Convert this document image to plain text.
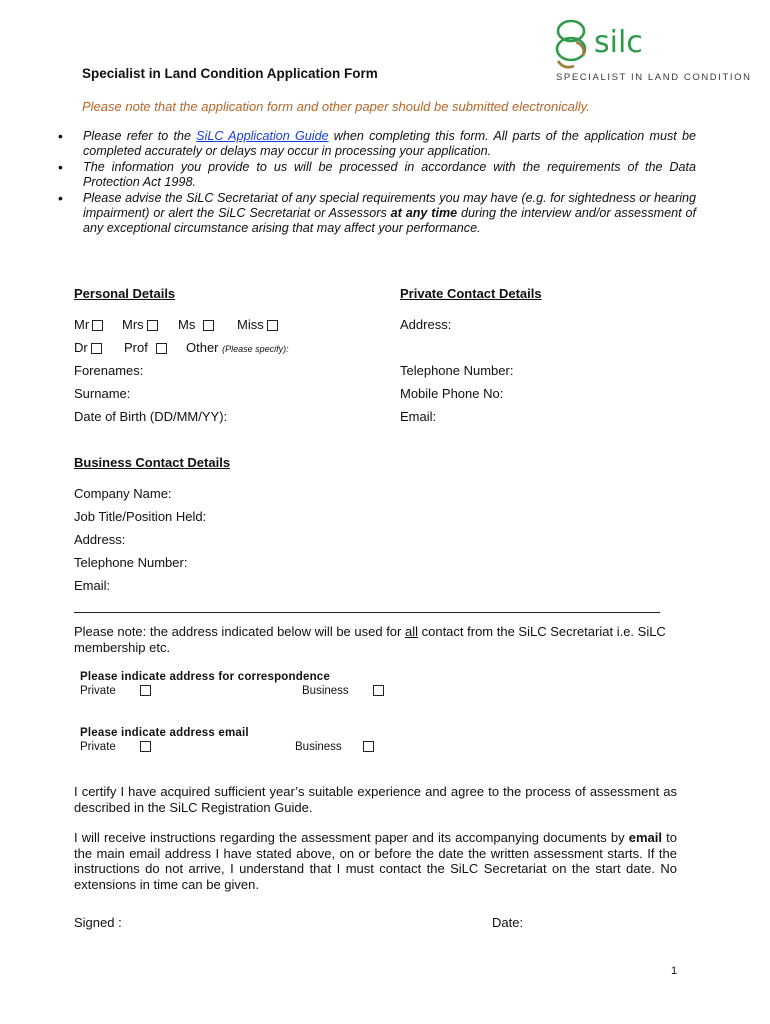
silc
SPECIALIST IN LAND CONDITION
Specialist in Land Condition Application Form
Please note that the application form and other paper should be submitted electronically.
• Please refer to the SiLC Application Guide when completing this form. All parts of the application must be completed accurately or delays may occur in processing your application.
• The information you provide to us will be processed in accordance with the requirements of the Data Protection Act 1998.
• Please advise the SiLC Secretariat of any special requirements you may have (e.g. for sightedness or hearing impairment) or alert the SiLC Secretariat or Assessors at any time during the interview and/or assessment of any exceptional circumstance arising that may affect your performance.
Personal Details	Private Contact Details
Mr	Mrs	Ms	Miss
Dr	Prof	Other (Please specify):
Forenames:
Surname:
Date of Birth (DD/MM/YY):
Address:
Telephone Number:
Mobile Phone No:
Email:
Business Contact Details
Company Name:
Job Title/Position Held:
Address:
Telephone Number:
Email:
Please note: the address indicated below will be used for all contact from the SiLC Secretariat i.e. SiLC membership etc.
Please indicate address for correspondence
Private	Business
Please indicate address email
Private	Business
I certify I have acquired sufficient year’s suitable experience and agree to the process of assessment as described in the SiLC Registration Guide.
I will receive instructions regarding the assessment paper and its accompanying documents by email to the main email address I have stated above, on or before the date the written assessment starts. If the instructions do not arrive, I understand that I must contact the SiLC Secretariat on the start date. No extensions in time can be given.
Signed :	Date:
1
